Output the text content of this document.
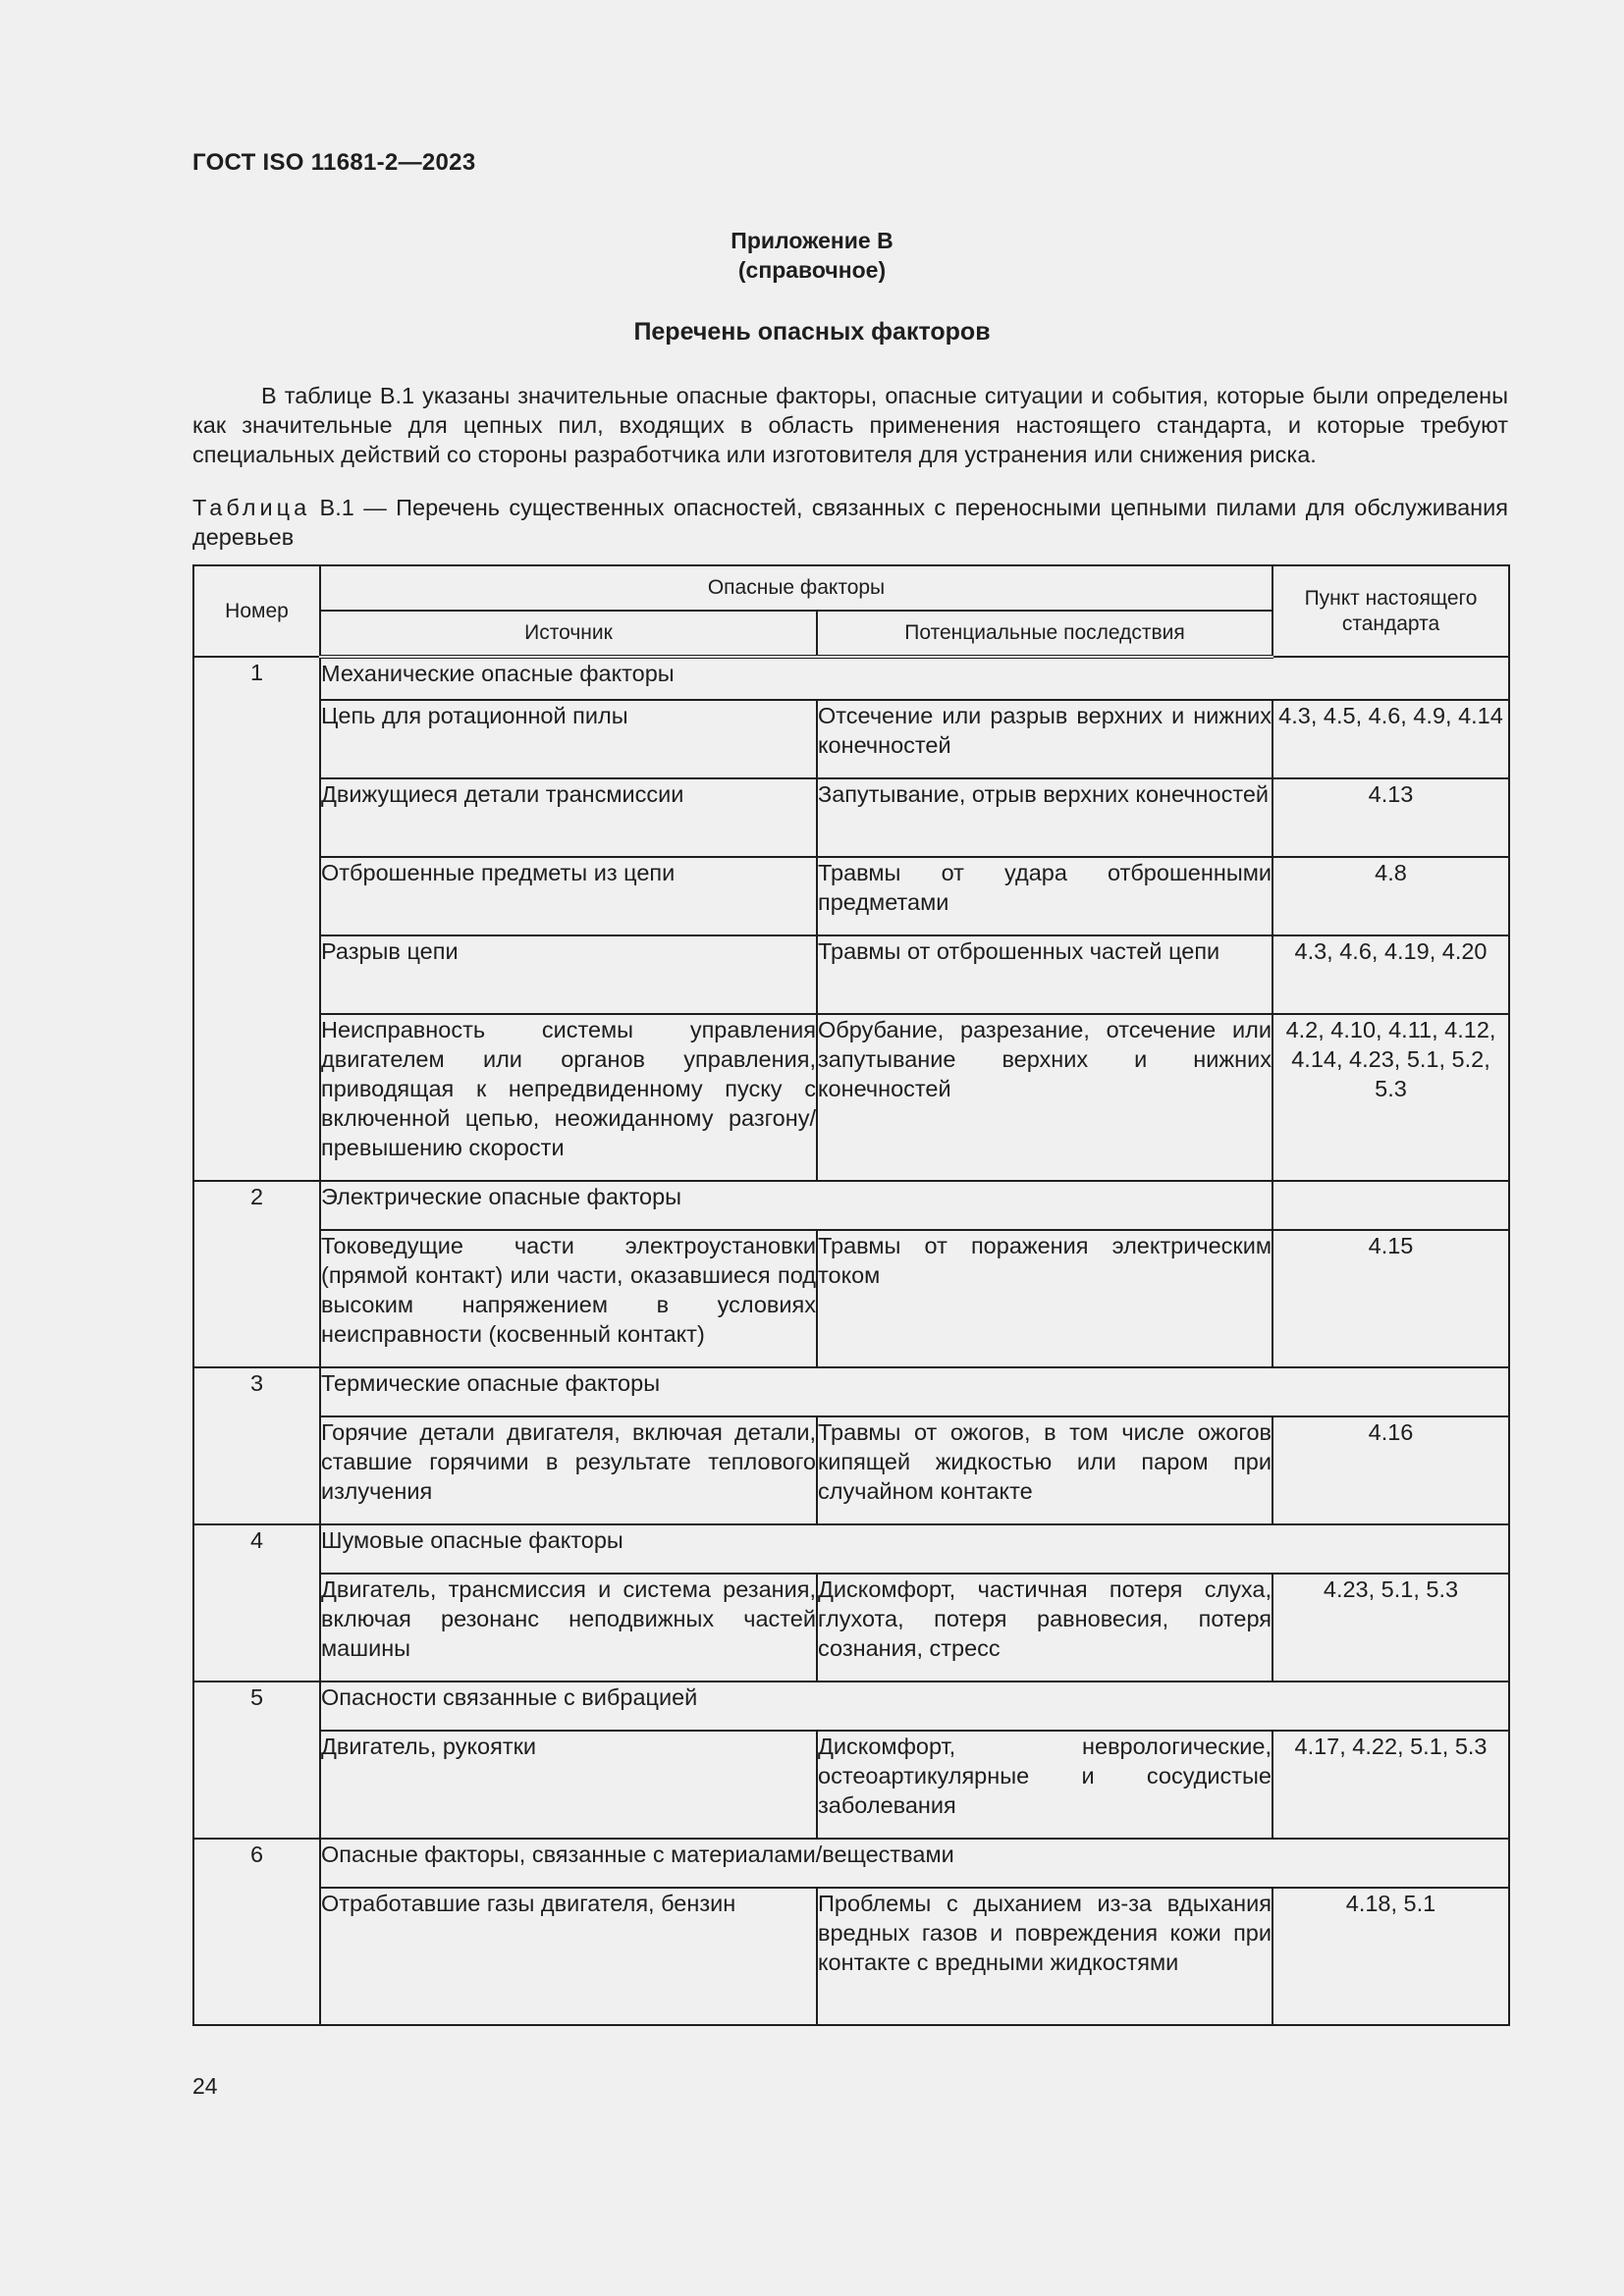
ГОСТ ISO 11681-2—2023
Приложение В
(справочное)
Перечень опасных факторов

В таблице В.1 указаны значительные опасные факторы, опасные ситуации и события, которые были определены как значительные для цепных пил, входящих в область применения настоящего стандарта, и которые требуют специальных действий со стороны разработчика или изготовителя для устранения или снижения риска.

Таблица В.1 — Перечень существенных опасностей, связанных с переносными цепными пилами для обслуживания деревьев

Номер	Опасные факторы		Пункт настоящего стандарта
	Источник	Потенциальные последствия	
1	Механические опасные факторы		
	Цепь для ротационной пилы	Отсечение или разрыв верхних и нижних конечностей	4.3, 4.5, 4.6, 4.9, 4.14
	Движущиеся детали трансмиссии	Запутывание, отрыв верхних конечностей	4.13
	Отброшенные предметы из цепи	Травмы от удара отброшенными предметами	4.8
	Разрыв цепи	Травмы от отброшенных частей цепи	4.3, 4.6, 4.19, 4.20
	Неисправность системы управления двигателем или органов управления, приводящая к непредвиденному пуску с включенной цепью, неожиданному разгону/превышению скорости	Обрубание, разрезание, отсечение или запутывание верхних и нижних конечностей	4.2, 4.10, 4.11, 4.12, 4.14, 4.23, 5.1, 5.2, 5.3
2	Электрические опасные факторы		
	Токоведущие части электроустановки (прямой контакт) или части, оказавшиеся под высоким напряжением в условиях неисправности (косвенный контакт)	Травмы от поражения электрическим током	4.15
3	Термические опасные факторы		
	Горячие детали двигателя, включая детали, ставшие горячими в результате теплового излучения	Травмы от ожогов, в том числе ожогов кипящей жидкостью или паром при случайном контакте	4.16
4	Шумовые опасные факторы		
	Двигатель, трансмиссия и система резания, включая резонанс неподвижных частей машины	Дискомфорт, частичная потеря слуха, глухота, потеря равновесия, потеря сознания, стресс	4.23, 5.1, 5.3
5	Опасности связанные с вибрацией		
	Двигатель, рукоятки	Дискомфорт, неврологические, остеоартикулярные и сосудистые заболевания	4.17, 4.22, 5.1, 5.3
6	Опасные факторы, связанные с материалами/веществами		
	Отработавшие газы двигателя, бензин	Проблемы с дыханием из-за вдыхания вредных газов и повреждения кожи при контакте с вредными жидкостями	4.18, 5.1
24
